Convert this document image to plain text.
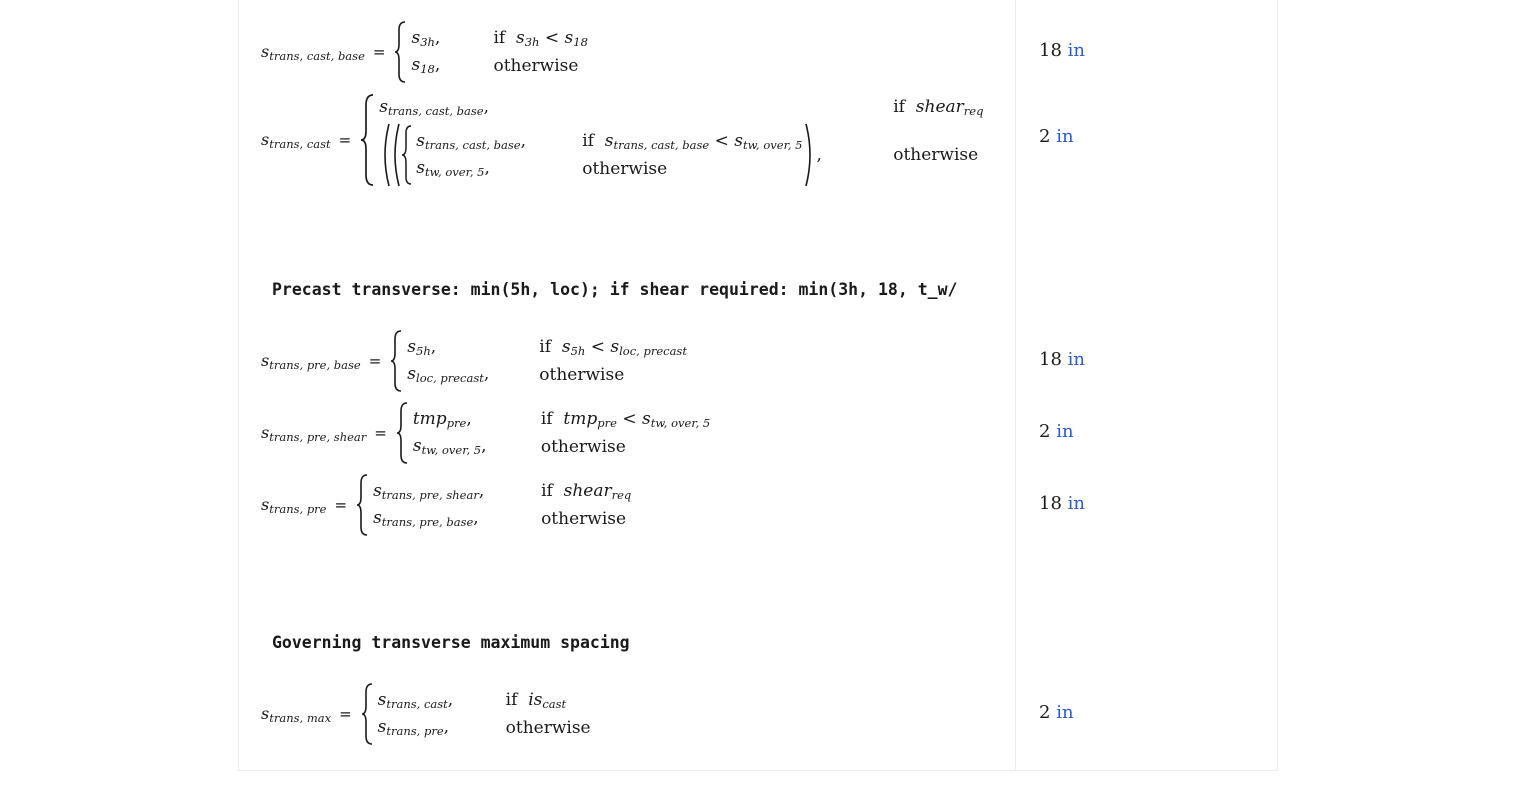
$s_{trans, cast, base}$ =
$s_{3h}$,	if $s_{3h} < s_{18}$
$s_{18}$,	otherwise
18 in
$s_{trans, cast}$ =
$s_{trans, cast, base}$,	if shear$_{req}$
$s_{trans, cast, base}$,	if $s_{trans, cast, base} < s_{tw, over, 5}$
$s_{tw, over, 5}$,	otherwise
,	otherwise
2 in
Precast transverse: min(5h, loc); if shear required: min(3h, 18, t_w/
$s_{trans, pre, base}$ =
$s_{5h}$,	if $s_{5h} < s_{loc, precast}$
$s_{loc, precast}$,	otherwise
18 in
$s_{trans, pre, shear}$ =
tmp$_{pre}$,	if $tmp_{pre} < s_{tw, over, 5}$
$s_{tw, over, 5}$,	otherwise
2 in
$s_{trans, pre}$ =
$s_{trans, pre, shear}$,	if shear$_{req}$
$s_{trans, pre, base}$,	otherwise
18 in
Governing transverse maximum spacing
$s_{trans, max}$ =
$s_{trans, cast}$,	if $is_{cast}$
$s_{trans, pre}$,	otherwise
2 in
